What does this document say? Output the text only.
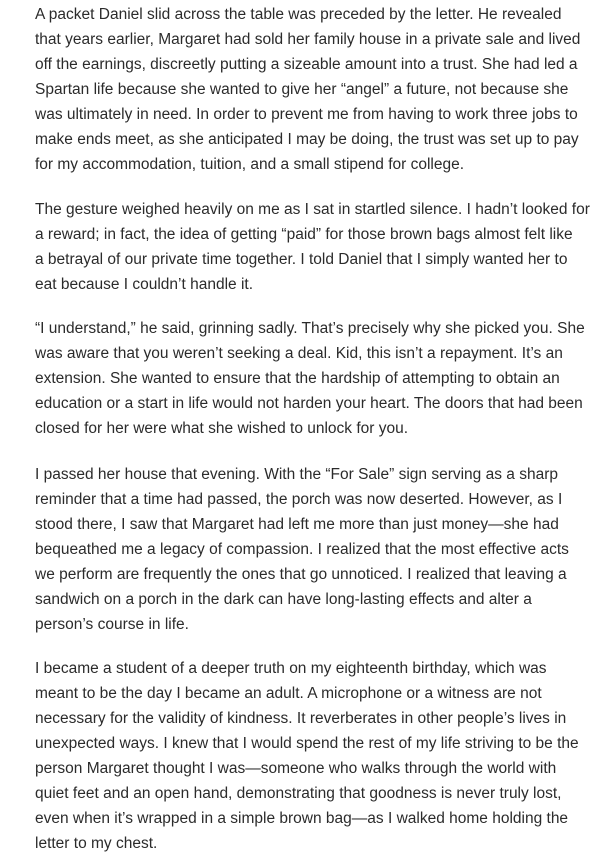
A packet Daniel slid across the table was preceded by the letter. He revealed
that years earlier, Margaret had sold her family house in a private sale and lived
off the earnings, discreetly putting a sizeable amount into a trust. She had led a
Spartan life because she wanted to give her “angel” a future, not because she
was ultimately in need. In order to prevent me from having to work three jobs to
make ends meet, as she anticipated I may be doing, the trust was set up to pay
for my accommodation, tuition, and a small stipend for college.

The gesture weighed heavily on me as I sat in startled silence. I hadn’t looked for
a reward; in fact, the idea of getting “paid” for those brown bags almost felt like
a betrayal of our private time together. I told Daniel that I simply wanted her to
eat because I couldn’t handle it.

“I understand,” he said, grinning sadly. That’s precisely why she picked you. She
was aware that you weren’t seeking a deal. Kid, this isn’t a repayment. It’s an
extension. She wanted to ensure that the hardship of attempting to obtain an
education or a start in life would not harden your heart. The doors that had been
closed for her were what she wished to unlock for you.

I passed her house that evening. With the “For Sale” sign serving as a sharp
reminder that a time had passed, the porch was now deserted. However, as I
stood there, I saw that Margaret had left me more than just money—she had
bequeathed me a legacy of compassion. I realized that the most effective acts
we perform are frequently the ones that go unnoticed. I realized that leaving a
sandwich on a porch in the dark can have long-lasting effects and alter a
person’s course in life.

I became a student of a deeper truth on my eighteenth birthday, which was
meant to be the day I became an adult. A microphone or a witness are not
necessary for the validity of kindness. It reverberates in other people’s lives in
unexpected ways. I knew that I would spend the rest of my life striving to be the
person Margaret thought I was—someone who walks through the world with
quiet feet and an open hand, demonstrating that goodness is never truly lost,
even when it’s wrapped in a simple brown bag—as I walked home holding the
letter to my chest.
